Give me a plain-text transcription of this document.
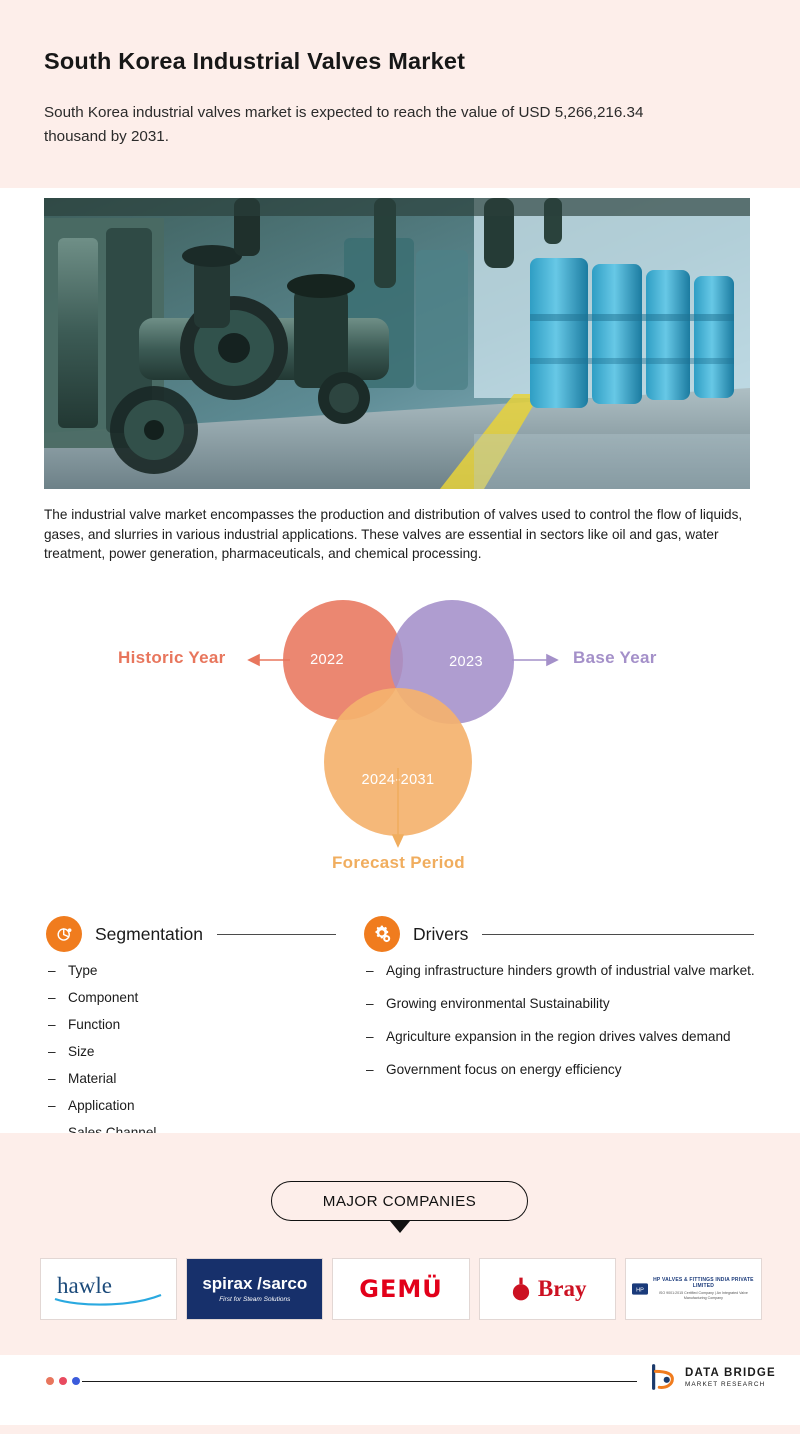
South Korea Industrial Valves Market
South Korea industrial valves market is expected to reach the value of USD 5,266,216.34 thousand by 2031.
The industrial valve market encompasses the production and distribution of valves used to control the flow of liquids, gases, and slurries in various industrial applications. These valves are essential in sectors like oil and gas, water treatment, power generation, pharmaceuticals, and chemical processing.
2022	2023
2024-2031
Historic Year	Base Year
Forecast Period
Segmentation
– Type
– Component
– Function
– Size
– Material
– Application
–
Drivers
– Aging infrastructure hinders growth of industrial valve market.
– Growing environmental Sustainability
– Agriculture expansion in the region drives valves demand
– Government focus on energy efficiency
MAJOR COMPANIES
hawle	spirax /sarco
First for Steam Solutions	GEMÜ	Bray	HP
HP VALVES & FITTINGS INDIA PRIVATE LIMITED
ISO 9001:2015 Certified Company | An Integrated Valve Manufacturing Company
DATA BRIDGE
MARKET RESEARCH
